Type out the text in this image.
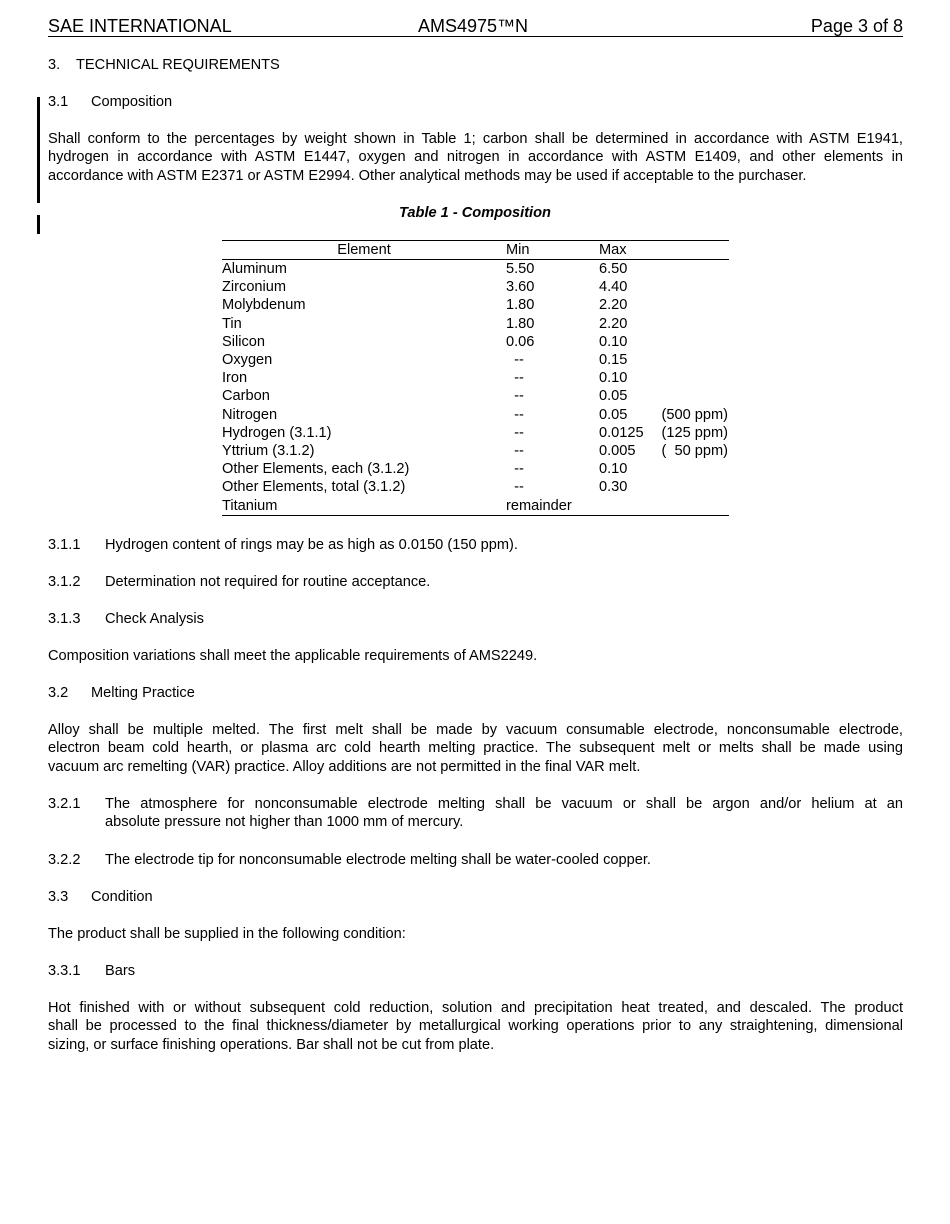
SAE INTERNATIONAL	AMS4975™N	Page 3 of 8
3. TECHNICAL REQUIREMENTS
3.1 Composition
Shall conform to the percentages by weight shown in Table 1; carbon shall be determined in accordance with ASTM E1941,
hydrogen in accordance with ASTM E1447, oxygen and nitrogen in accordance with ASTM E1409, and other elements in
accordance with ASTM E2371 or ASTM E2994. Other analytical methods may be used if acceptable to the purchaser.
Table 1 - Composition
Element	Min	Max
Aluminum	5.50	6.50
Zirconium	3.60	4.40
Molybdenum	1.80	2.20
Tin	1.80	2.20
Silicon	0.06	0.10
Oxygen	--	0.15
Iron	--	0.10
Carbon	--	0.05
Nitrogen	--	0.05 (500 ppm)
Hydrogen (3.1.1)	--	0.0125 (125 ppm)
Yttrium (3.1.2)	--	0.005 (  50 ppm)
Other Elements, each (3.1.2)	--	0.10
Other Elements, total (3.1.2)	--	0.30
Titanium	remainder
3.1.1 Hydrogen content of rings may be as high as 0.0150 (150 ppm).
3.1.2 Determination not required for routine acceptance.
3.1.3 Check Analysis
Composition variations shall meet the applicable requirements of AMS2249.
3.2 Melting Practice
Alloy shall be multiple melted. The first melt shall be made by vacuum consumable electrode, nonconsumable electrode,
electron beam cold hearth, or plasma arc cold hearth melting practice. The subsequent melt or melts shall be made using
vacuum arc remelting (VAR) practice. Alloy additions are not permitted in the final VAR melt.
3.2.1 The atmosphere for nonconsumable electrode melting shall be vacuum or shall be argon and/or helium at an
absolute pressure not higher than 1000 mm of mercury.
3.2.2 The electrode tip for nonconsumable electrode melting shall be water-cooled copper.
3.3 Condition
The product shall be supplied in the following condition:
3.3.1 Bars
Hot finished with or without subsequent cold reduction, solution and precipitation heat treated, and descaled. The product
shall be processed to the final thickness/diameter by metallurgical working operations prior to any straightening, dimensional
sizing, or surface finishing operations. Bar shall not be cut from plate.
